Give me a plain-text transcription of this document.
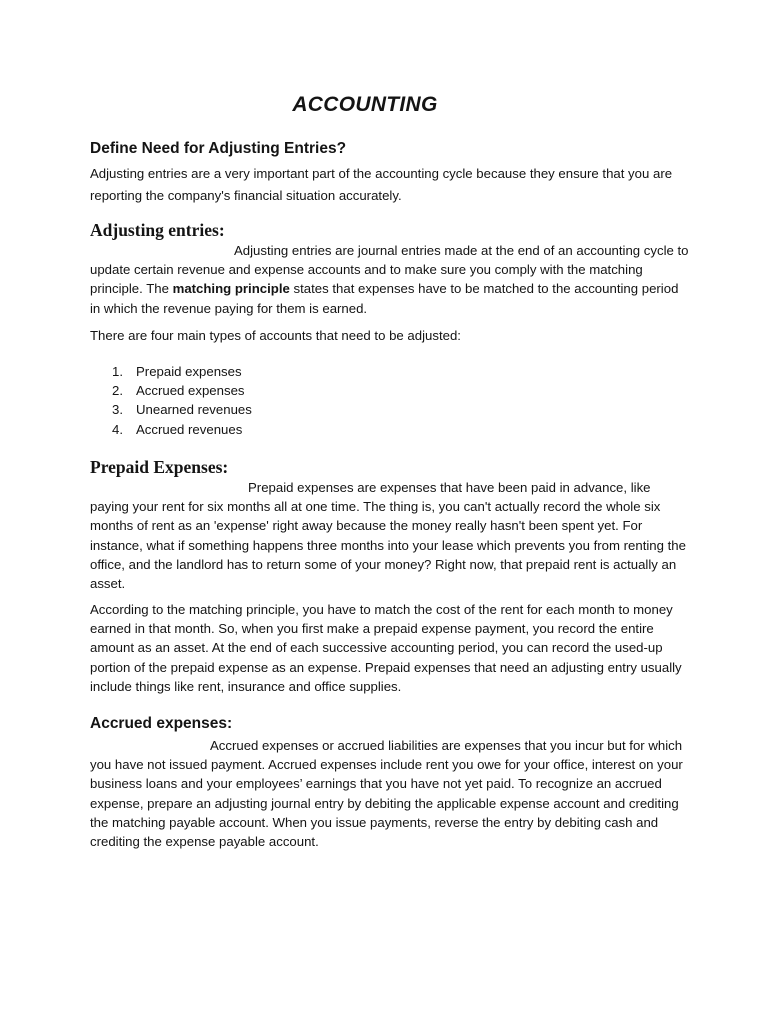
ACCOUNTING
Define Need for Adjusting Entries?

Adjusting entries are a very important part of the accounting cycle because they ensure that you are reporting the company's financial situation accurately.

Adjusting entries:

Adjusting entries are journal entries made at the end of an accounting cycle to update certain revenue and expense accounts and to make sure you comply with the matching principle. The matching principle states that expenses have to be matched to the accounting period in which the revenue paying for them is earned.

There are four main types of accounts that need to be adjusted:

1. Prepaid expenses
2. Accrued expenses
3. Unearned revenues
4. Accrued revenues
Prepaid Expenses:

Prepaid expenses are expenses that have been paid in advance, like paying your rent for six months all at one time. The thing is, you can't actually record the whole six months of rent as an 'expense' right away because the money really hasn't been spent yet. For instance, what if something happens three months into your lease which prevents you from renting the office, and the landlord has to return some of your money? Right now, that prepaid rent is actually an asset.

According to the matching principle, you have to match the cost of the rent for each month to money earned in that month. So, when you first make a prepaid expense payment, you record the entire amount as an asset. At the end of each successive accounting period, you can record the used-up portion of the prepaid expense as an expense. Prepaid expenses that need an adjusting entry usually include things like rent, insurance and office supplies.

Accrued expenses:

Accrued expenses or accrued liabilities are expenses that you incur but for which you have not issued payment. Accrued expenses include rent you owe for your office, interest on your business loans and your employees’ earnings that you have not yet paid. To recognize an accrued expense, prepare an adjusting journal entry by debiting the applicable expense account and crediting the matching payable account. When you issue payments, reverse the entry by debiting cash and crediting the expense payable account.
